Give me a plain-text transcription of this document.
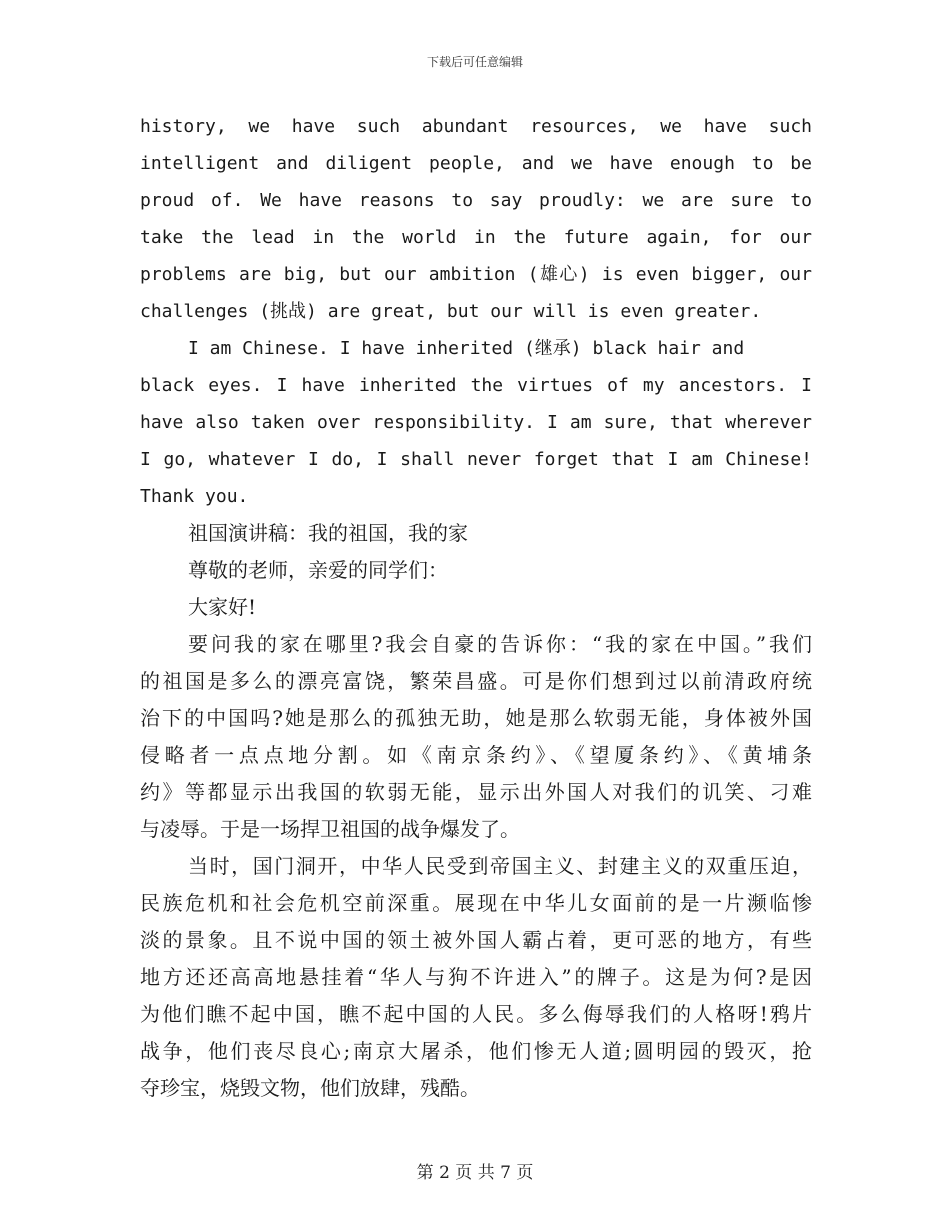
下载后可任意编辑
history, we have such abundant resources, we have such
intelligent and diligent people, and we have enough to be
proud of. We have reasons to say proudly: we are sure to
take the lead in the world in the future again, for our
problems are big, but our ambition (雄心) is even bigger, our
challenges (挑战) are great, but our will is even greater.
I am Chinese. I have inherited (继承) black hair and
black eyes. I have inherited the virtues of my ancestors. I
have also taken over responsibility. I am sure, that wherever
I go, whatever I do, I shall never forget that I am Chinese!
Thank you.
祖国演讲稿：我的祖国，我的家
尊敬的老师，亲爱的同学们：
大家好!
要问我的家在哪里?我会自豪的告诉你：“我的家在中国。”我们
的祖国是多么的漂亮富饶，繁荣昌盛。可是你们想到过以前清政府统
治下的中国吗?她是那么的孤独无助，她是那么软弱无能，身体被外国
侵略者一点点地分割。如《南京条约》、《望厦条约》、《黄埔条
约》等都显示出我国的软弱无能，显示出外国人对我们的讥笑、刁难
与凌辱。于是一场捍卫祖国的战争爆发了。
当时，国门洞开，中华人民受到帝国主义、封建主义的双重压迫，
民族危机和社会危机空前深重。展现在中华儿女面前的是一片濒临惨
淡的景象。且不说中国的领土被外国人霸占着，更可恶的地方，有些
地方还还高高地悬挂着“华人与狗不许进入”的牌子。这是为何?是因
为他们瞧不起中国，瞧不起中国的人民。多么侮辱我们的人格呀!鸦片
战争，他们丧尽良心;南京大屠杀，他们惨无人道;圆明园的毁灭，抢
夺珍宝，烧毁文物，他们放肆，残酷。
第 2 页 共 7 页
